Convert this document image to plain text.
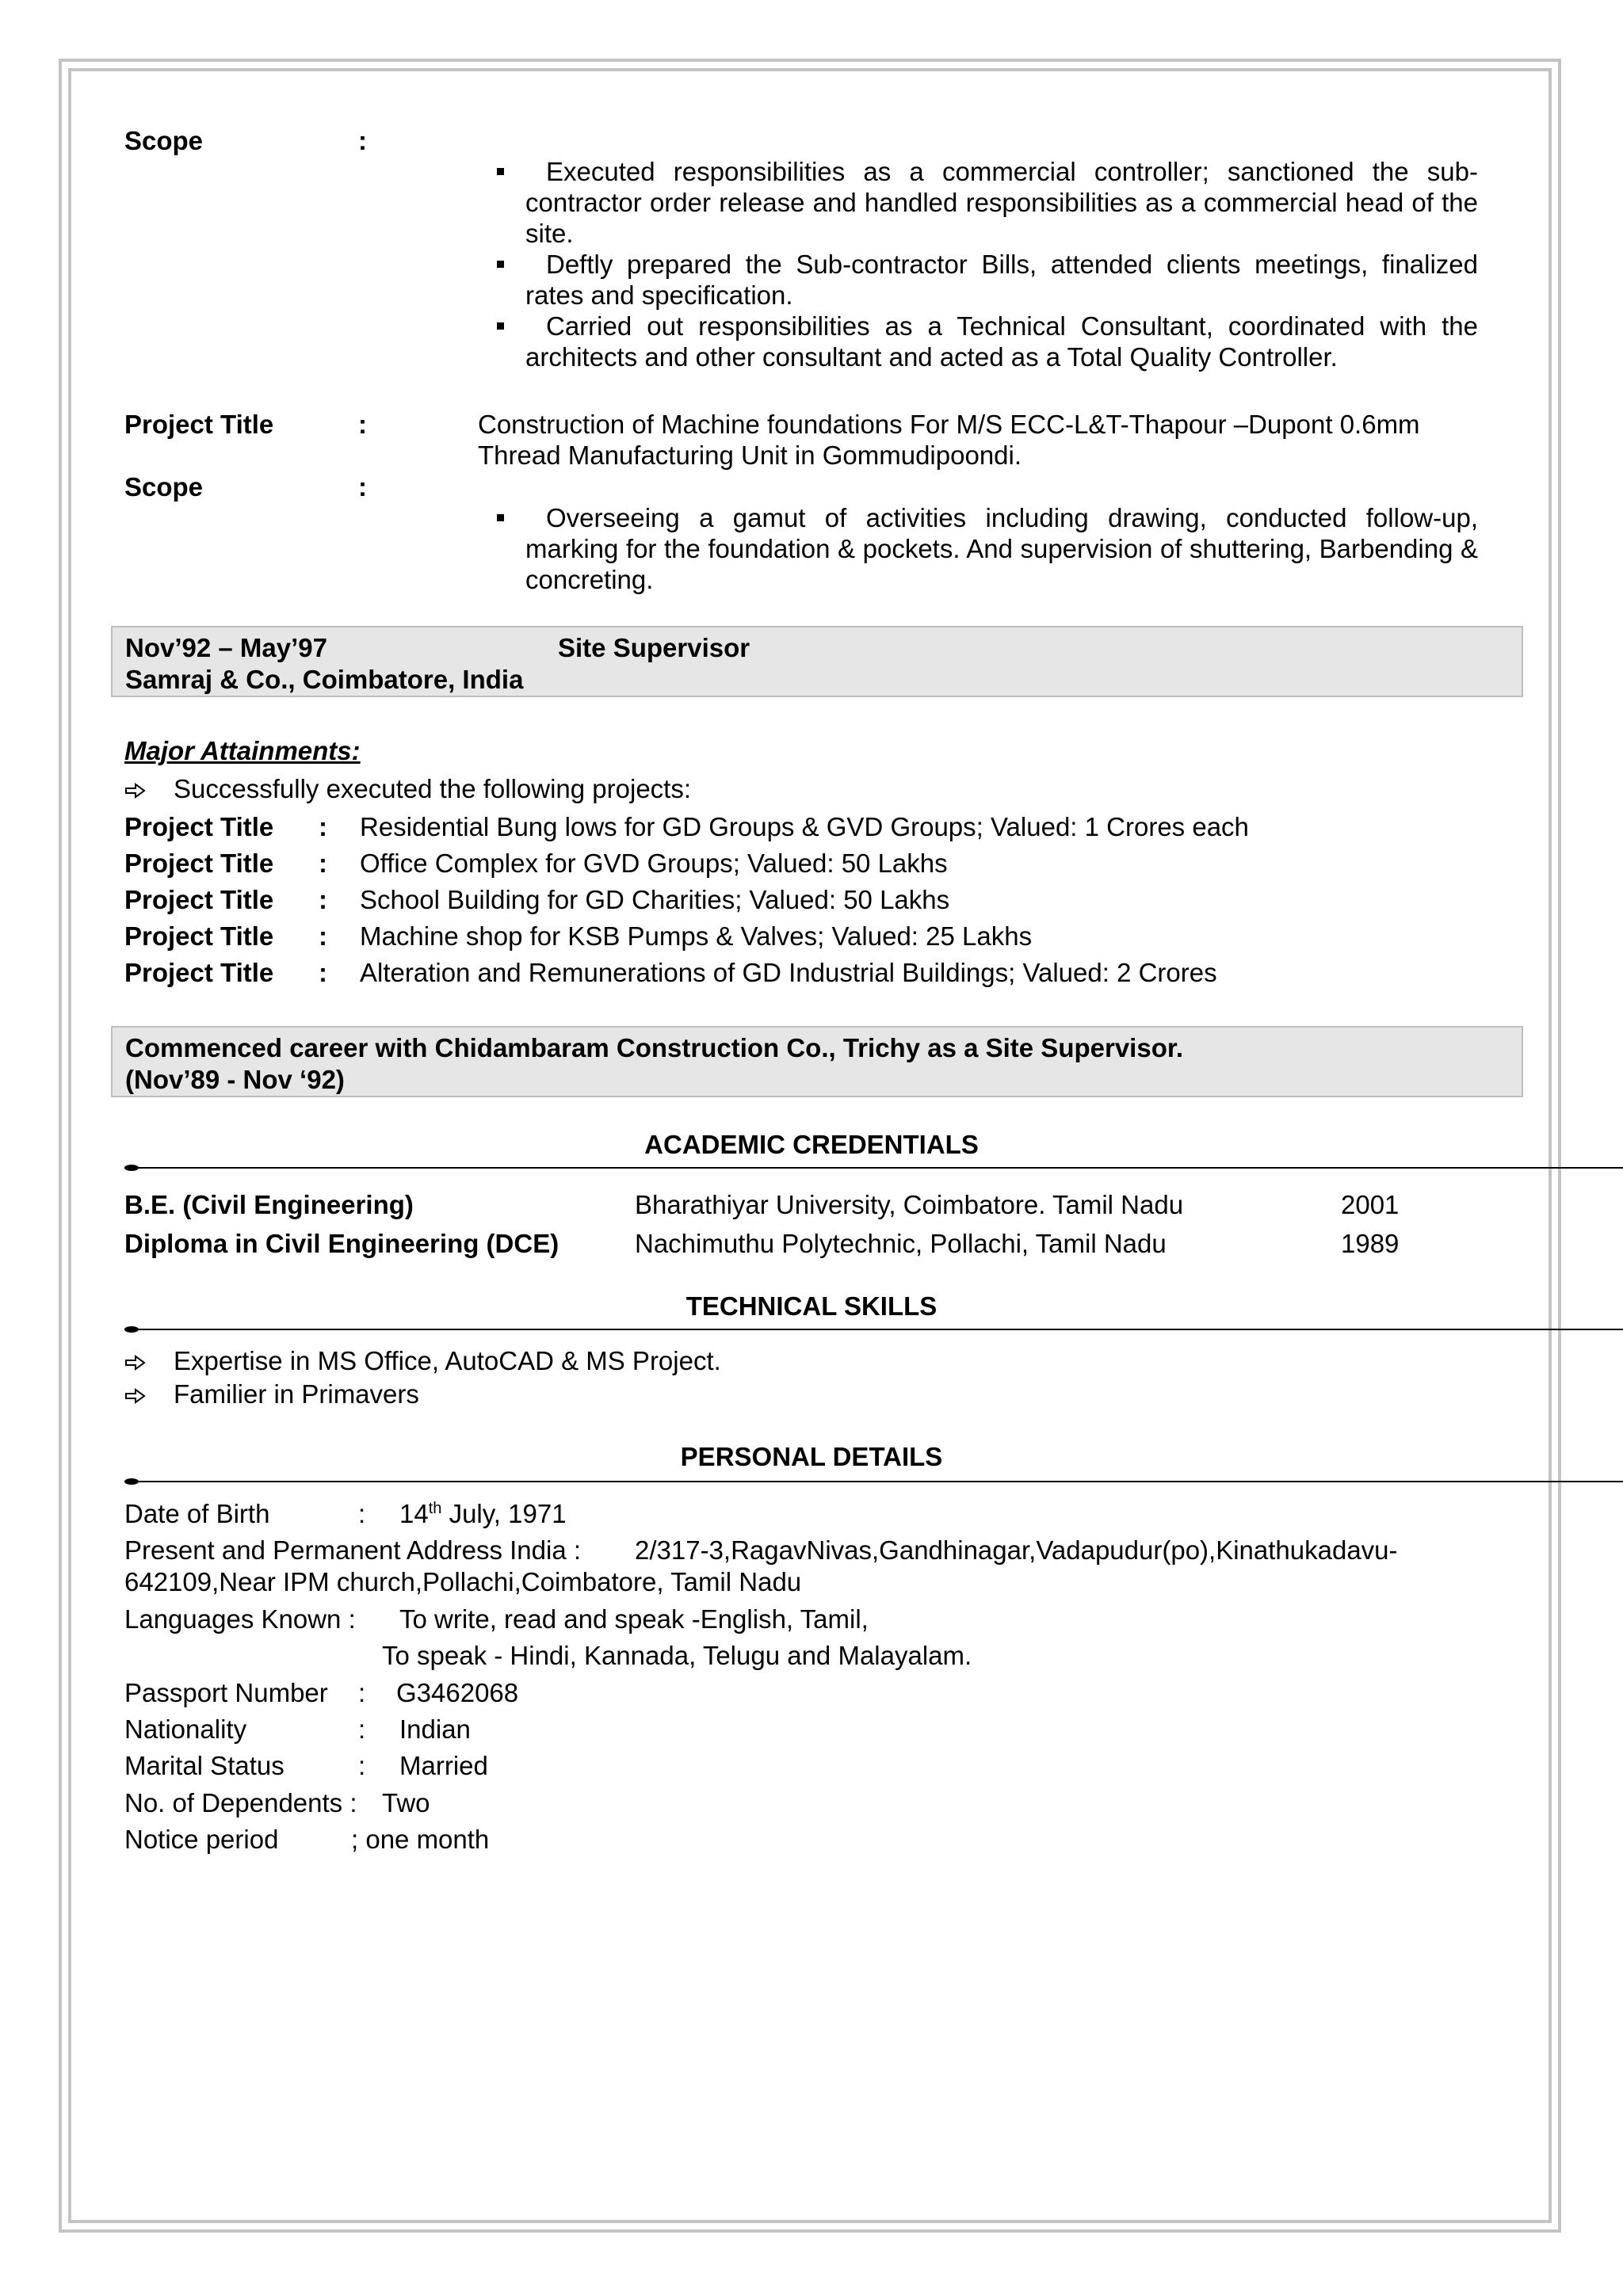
Scope	:
Executed responsibilities as a commercial controller; sanctioned the sub-contractor order release and handled responsibilities as a commercial head of the site.
Deftly prepared the Sub-contractor Bills, attended clients meetings, finalized rates and specification.
Carried out responsibilities as a Technical Consultant, coordinated with the architects and other consultant and acted as a Total Quality Controller.
Project Title	:	Construction of Machine foundations For M/S ECC-L&T-Thapour –Dupont 0.6mm
Thread Manufacturing Unit in Gommudipoondi.
Scope	:
Overseeing a gamut of activities including drawing, conducted follow-up, marking for the foundation & pockets. And supervision of shuttering, Barbending & concreting.
Nov’92 – May’97	Site Supervisor
Samraj & Co., Coimbatore, India
Major Attainments:
Successfully executed the following projects:
Project Title	:	Residential Bung lows for GD Groups & GVD Groups; Valued: 1 Crores each
Project Title	:	Office Complex for GVD Groups; Valued: 50 Lakhs
Project Title	:	School Building for GD Charities; Valued: 50 Lakhs
Project Title	:	Machine shop for KSB Pumps & Valves; Valued: 25 Lakhs
Project Title	:	Alteration and Remunerations of GD Industrial Buildings; Valued: 2 Crores
Commenced career with Chidambaram Construction Co., Trichy as a Site Supervisor.
(Nov’89 - Nov ‘92)
ACADEMIC CREDENTIALS
B.E. (Civil Engineering)	Bharathiyar University, Coimbatore. Tamil Nadu	2001
Diploma in Civil Engineering (DCE)	Nachimuthu Polytechnic, Pollachi, Tamil Nadu	1989
TECHNICAL SKILLS
Expertise in MS Office, AutoCAD & MS Project.
Familier in Primavers
PERSONAL DETAILS
Date of Birth	: 14th July, 1971
Present and Permanent Address India : 2/317-3,RagavNivas,Gandhinagar,Vadapudur(po),Kinathukadavu-
642109,Near IPM church,Pollachi,Coimbatore, Tamil Nadu
Languages Known : To write, read and speak -English, Tamil,
To speak - Hindi, Kannada, Telugu and Malayalam.
Passport Number : G3462068
Nationality	: Indian
Marital Status	: Married
No. of Dependents : Two
Notice period	; one month
